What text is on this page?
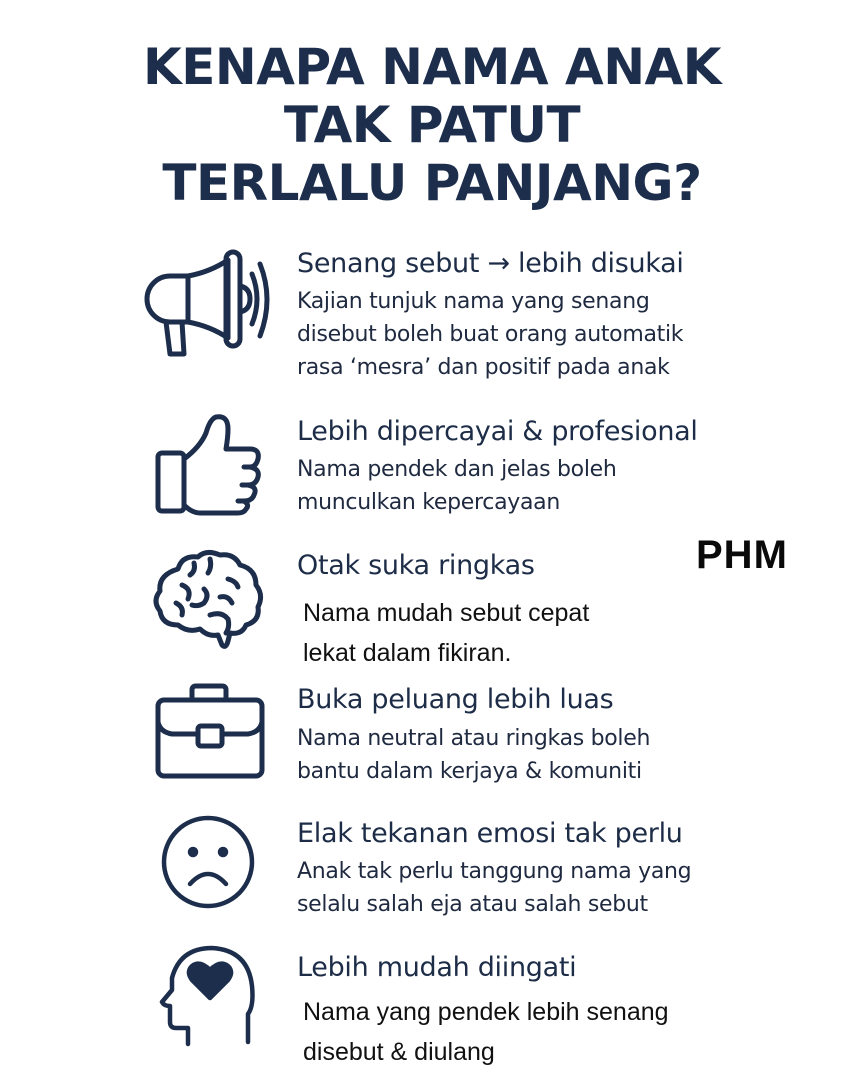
KENAPA NAMA ANAK
TAK PATUT
TERLALU PANJANG?
Senang sebut → lebih disukai
Kajian tunjuk nama yang senang
disebut boleh buat orang automatik
rasa ‘mesra’ dan positif pada anak
Lebih dipercayai & profesional
Nama pendek dan jelas boleh
munculkan kepercayaan
Otak suka ringkas
Nama mudah sebut cepat
lekat dalam fikiran.
PHM
Buka peluang lebih luas
Nama neutral atau ringkas boleh
bantu dalam kerjaya & komuniti
Elak tekanan emosi tak perlu
Anak tak perlu tanggung nama yang
selalu salah eja atau salah sebut
Lebih mudah diingati
Nama yang pendek lebih senang
disebut & diulang
